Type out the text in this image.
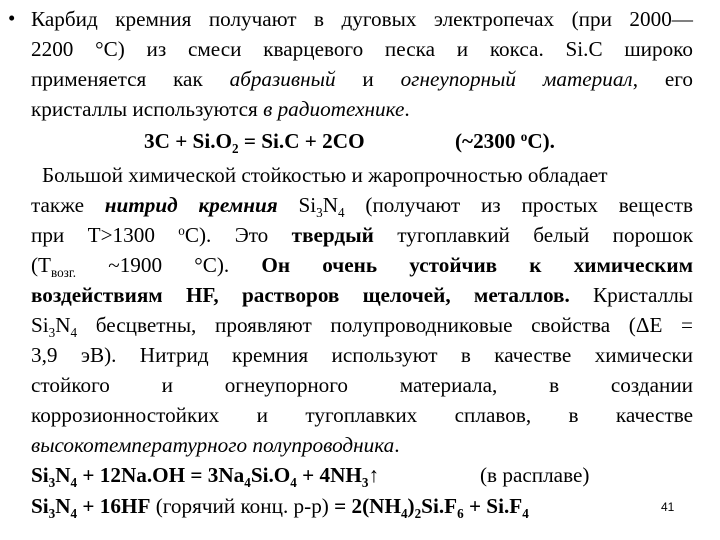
• Карбид кремния получают в дуговых электропечах (при 2000—
2200 °С) из смеси кварцевого песка и кокса. Si.C широко
применяется как абразивный и огнеупорный материал, его
кристаллы используются в радиотехнике.
$3C + Si.O_2 = Si.C + 2CO$	(~2300 $^о$С).
Большой химической стойкостью и жаропрочностью обладает
также нитрид кремния $Si_3N_4$ (получают из простых веществ
при Т>1300 $^о$С). Это твердый тугоплавкий белый порошок
($Т_{возг.}$ ~1900 °С). Он очень устойчив к химическим
воздействиям HF, растворов щелочей, металлов. Кристаллы
$Si_3N_4$ бесцветны, проявляют полупроводниковые свойства (ΔЕ =
3,9 эВ). Нитрид кремния используют в качестве химически
стойкого и огнеупорного материала, в создании
коррозионностойких и тугоплавких сплавов, в качестве
высокотемпературного полупроводника.
$Si_3N_4 + 12Na.OH = 3Na_4Si.O_4$ + $4NH_3↑$	(в расплаве)
$Si_3N_4 + 16HF$ (горячий конц. $р-р) = 2(NH_4)_2Si.F_6 + Si.F_4$	41
